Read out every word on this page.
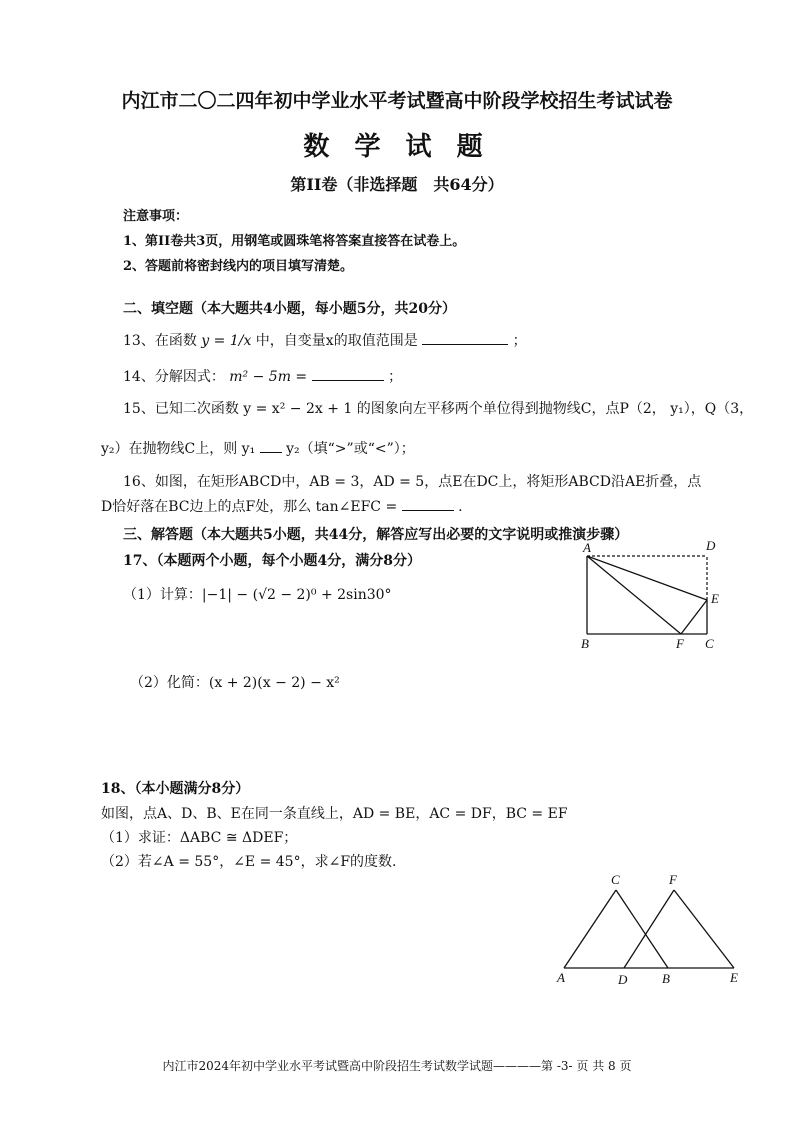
内江市二〇二四年初中学业水平考试暨高中阶段学校招生考试试卷
数 学 试 题
第II卷（非选择题　共64分）
注意事项：
1、第II卷共3页，用钢笔或圆珠笔将答案直接答在试卷上。
2、答题前将密封线内的项目填写清楚。
二、填空题（本大题共4小题，每小题5分，共20分）
13、在函数 y = 1/x 中，自变量x的取值范围是	；
14、分解因式： m² − 5m =	；
15、已知二次函数 y = x² − 2x + 1 的图象向左平移两个单位得到抛物线C，点P（2， y₁），Q（3，
y₂）在抛物线C上，则 y₁ y₂（填“>”或“<”）；
16、如图，在矩形ABCD中，AB = 3，AD = 5，点E在DC上，将矩形ABCD沿AE折叠，点
D恰好落在BC边上的点F处，那么 tan∠EFC =	.
三、解答题（本大题共5小题，共44分，解答应写出必要的文字说明或推演步骤）
17、（本题两个小题，每个小题4分，满分8分）
（1）计算：|−1| − (√2 − 2)⁰ + 2sin30°
（2）化简：(x + 2)(x − 2) − x²
A	D
E
B	F C
18、（本小题满分8分）
如图，点A、D、B、E在同一条直线上，AD = BE，AC = DF，BC = EF
（1）求证：ΔABC ≅ ΔDEF；
（2）若∠A = 55°，∠E = 45°，求∠F的度数.
C	F
A	D	B	E
内江市2024年初中学业水平考试暨高中阶段招生考试数学试题————第 -3- 页 共 8 页
